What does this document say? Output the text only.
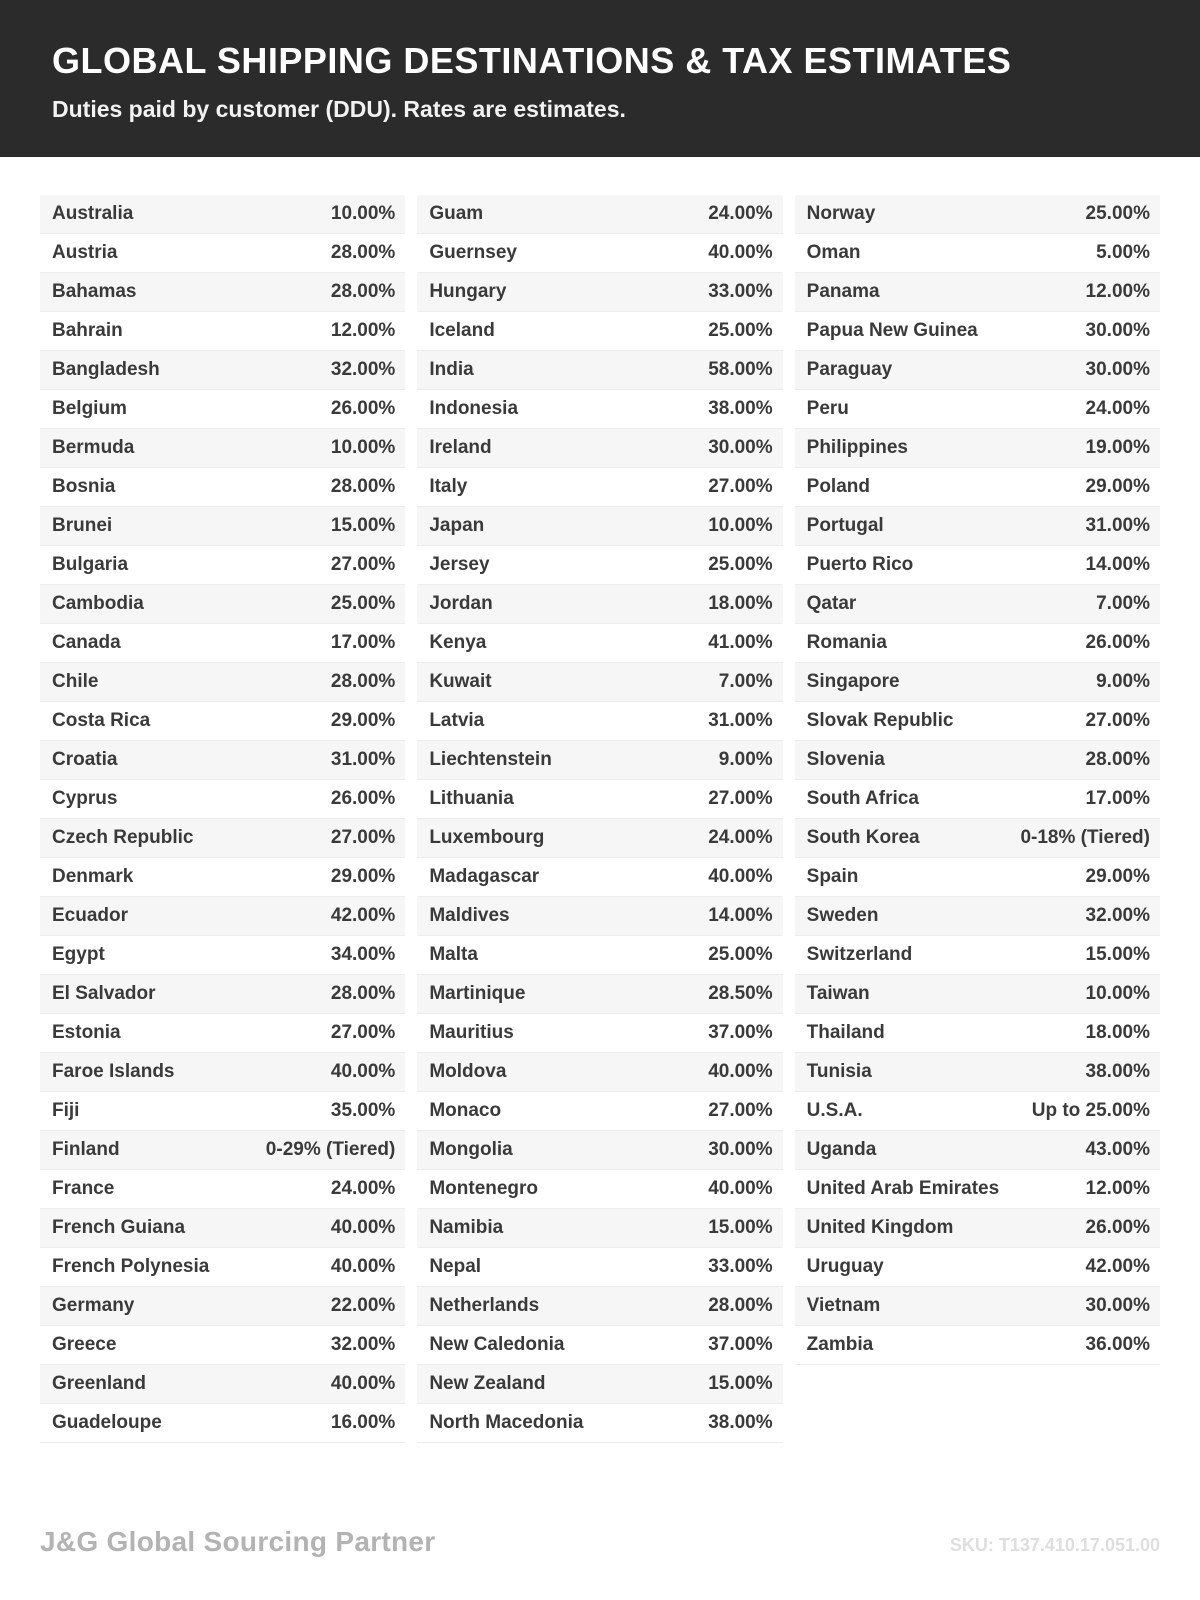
GLOBAL SHIPPING DESTINATIONS & TAX ESTIMATES
Duties paid by customer (DDU). Rates are estimates.
Australia	10.00%
Austria	28.00%
Bahamas	28.00%
Bahrain	12.00%
Bangladesh	32.00%
Belgium	26.00%
Bermuda	10.00%
Bosnia	28.00%
Brunei	15.00%
Bulgaria	27.00%
Cambodia	25.00%
Canada	17.00%
Chile	28.00%
Costa Rica	29.00%
Croatia	31.00%
Cyprus	26.00%
Czech Republic	27.00%
Denmark	29.00%
Ecuador	42.00%
Egypt	34.00%
El Salvador	28.00%
Estonia	27.00%
Faroe Islands	40.00%
Fiji	35.00%
Finland	0-29% (Tiered)
France	24.00%
French Guiana	40.00%
French Polynesia	40.00%
Germany	22.00%
Greece	32.00%
Greenland	40.00%
Guadeloupe	16.00%
Guam	24.00%
Guernsey	40.00%
Hungary	33.00%
Iceland	25.00%
India	58.00%
Indonesia	38.00%
Ireland	30.00%
Italy	27.00%
Japan	10.00%
Jersey	25.00%
Jordan	18.00%
Kenya	41.00%
Kuwait	7.00%
Latvia	31.00%
Liechtenstein	9.00%
Lithuania	27.00%
Luxembourg	24.00%
Madagascar	40.00%
Maldives	14.00%
Malta	25.00%
Martinique	28.50%
Mauritius	37.00%
Moldova	40.00%
Monaco	27.00%
Mongolia	30.00%
Montenegro	40.00%
Namibia	15.00%
Nepal	33.00%
Netherlands	28.00%
New Caledonia	37.00%
New Zealand	15.00%
North Macedonia	38.00%
Norway	25.00%
Oman	5.00%
Panama	12.00%
Papua New Guinea	30.00%
Paraguay	30.00%
Peru	24.00%
Philippines	19.00%
Poland	29.00%
Portugal	31.00%
Puerto Rico	14.00%
Qatar	7.00%
Romania	26.00%
Singapore	9.00%
Slovak Republic	27.00%
Slovenia	28.00%
South Africa	17.00%
South Korea	0-18% (Tiered)
Spain	29.00%
Sweden	32.00%
Switzerland	15.00%
Taiwan	10.00%
Thailand	18.00%
Tunisia	38.00%
U.S.A.	Up to 25.00%
Uganda	43.00%
United Arab Emirates	12.00%
United Kingdom	26.00%
Uruguay	42.00%
Vietnam	30.00%
Zambia	36.00%
J&G Global Sourcing Partner	SKU: T137.410.17.051.00
